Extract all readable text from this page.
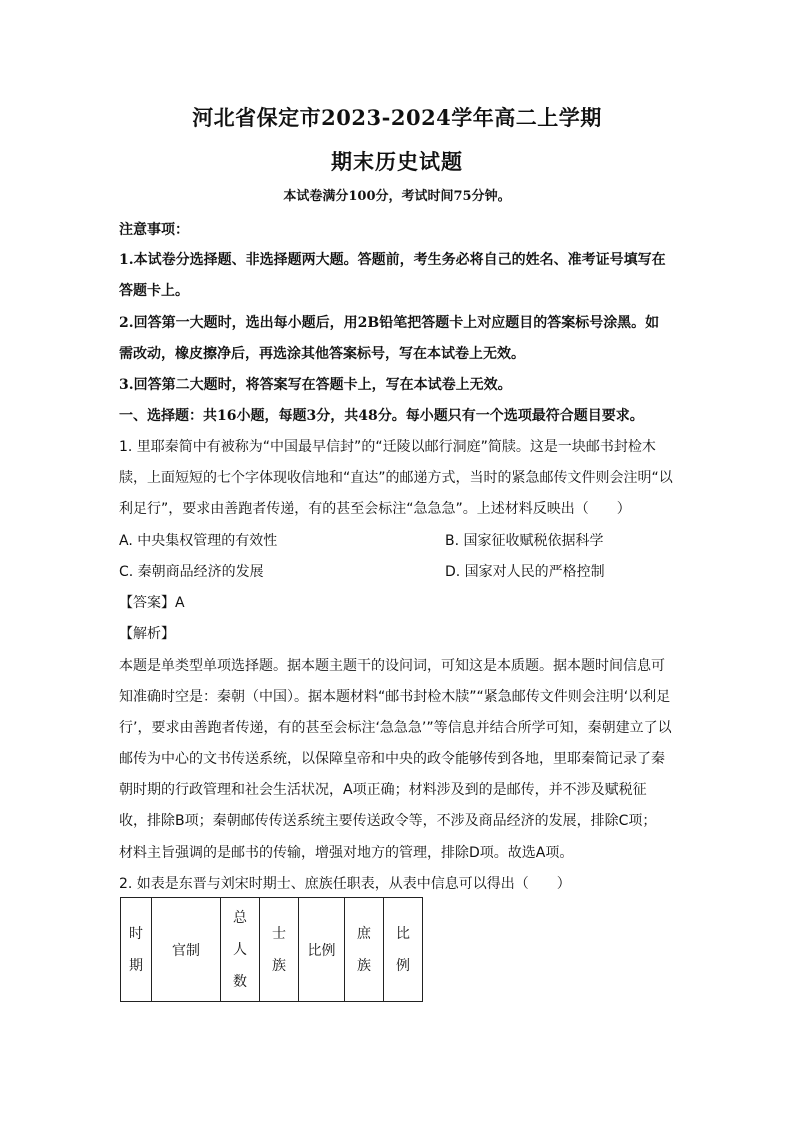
河北省保定市2023-2024学年高二上学期
期末历史试题
本试卷满分100分，考试时间75分钟。
注意事项：
1.本试卷分选择题、非选择题两大题。答题前，考生务必将自己的姓名、准考证号填写在
答题卡上。
2.回答第一大题时，选出每小题后，用2B铅笔把答题卡上对应题目的答案标号涂黑。如
需改动，橡皮擦净后，再选涂其他答案标号，写在本试卷上无效。
3.回答第二大题时，将答案写在答题卡上，写在本试卷上无效。
一、选择题：共16小题，每题3分，共48分。每小题只有一个选项最符合题目要求。
1. 里耶秦简中有被称为“中国最早信封”的“迁陵以邮行洞庭”简牍。这是一块邮书封检木
牍，上面短短的七个字体现收信地和“直达”的邮递方式，当时的紧急邮传文件则会注明“以
利足行”，要求由善跑者传递，有的甚至会标注“急急急”。上述材料反映出（　　）
A. 中央集权管理的有效性	B. 国家征收赋税依据科学
C. 秦朝商品经济的发展	D. 国家对人民的严格控制
【答案】A
【解析】
本题是单类型单项选择题。据本题主题干的设问词，可知这是本质题。据本题时间信息可
知准确时空是：秦朝（中国）。据本题材料“邮书封检木牍”“紧急邮传文件则会注明‘以利足
行’，要求由善跑者传递，有的甚至会标注‘急急急’”等信息并结合所学可知，秦朝建立了以
邮传为中心的文书传送系统，以保障皇帝和中央的政令能够传到各地，里耶秦简记录了秦
朝时期的行政管理和社会生活状况，A项正确；材料涉及到的是邮传，并不涉及赋税征
收，排除B项；秦朝邮传传送系统主要传送政令等，不涉及商品经济的发展，排除C项；
材料主旨强调的是邮书的传输，增强对地方的管理，排除D项。故选A项。
2. 如表是东晋与刘宋时期士、庶族任职表，从表中信息可以得出（　　）
时期	官制	总人数	士族	比例	庶族	比例
